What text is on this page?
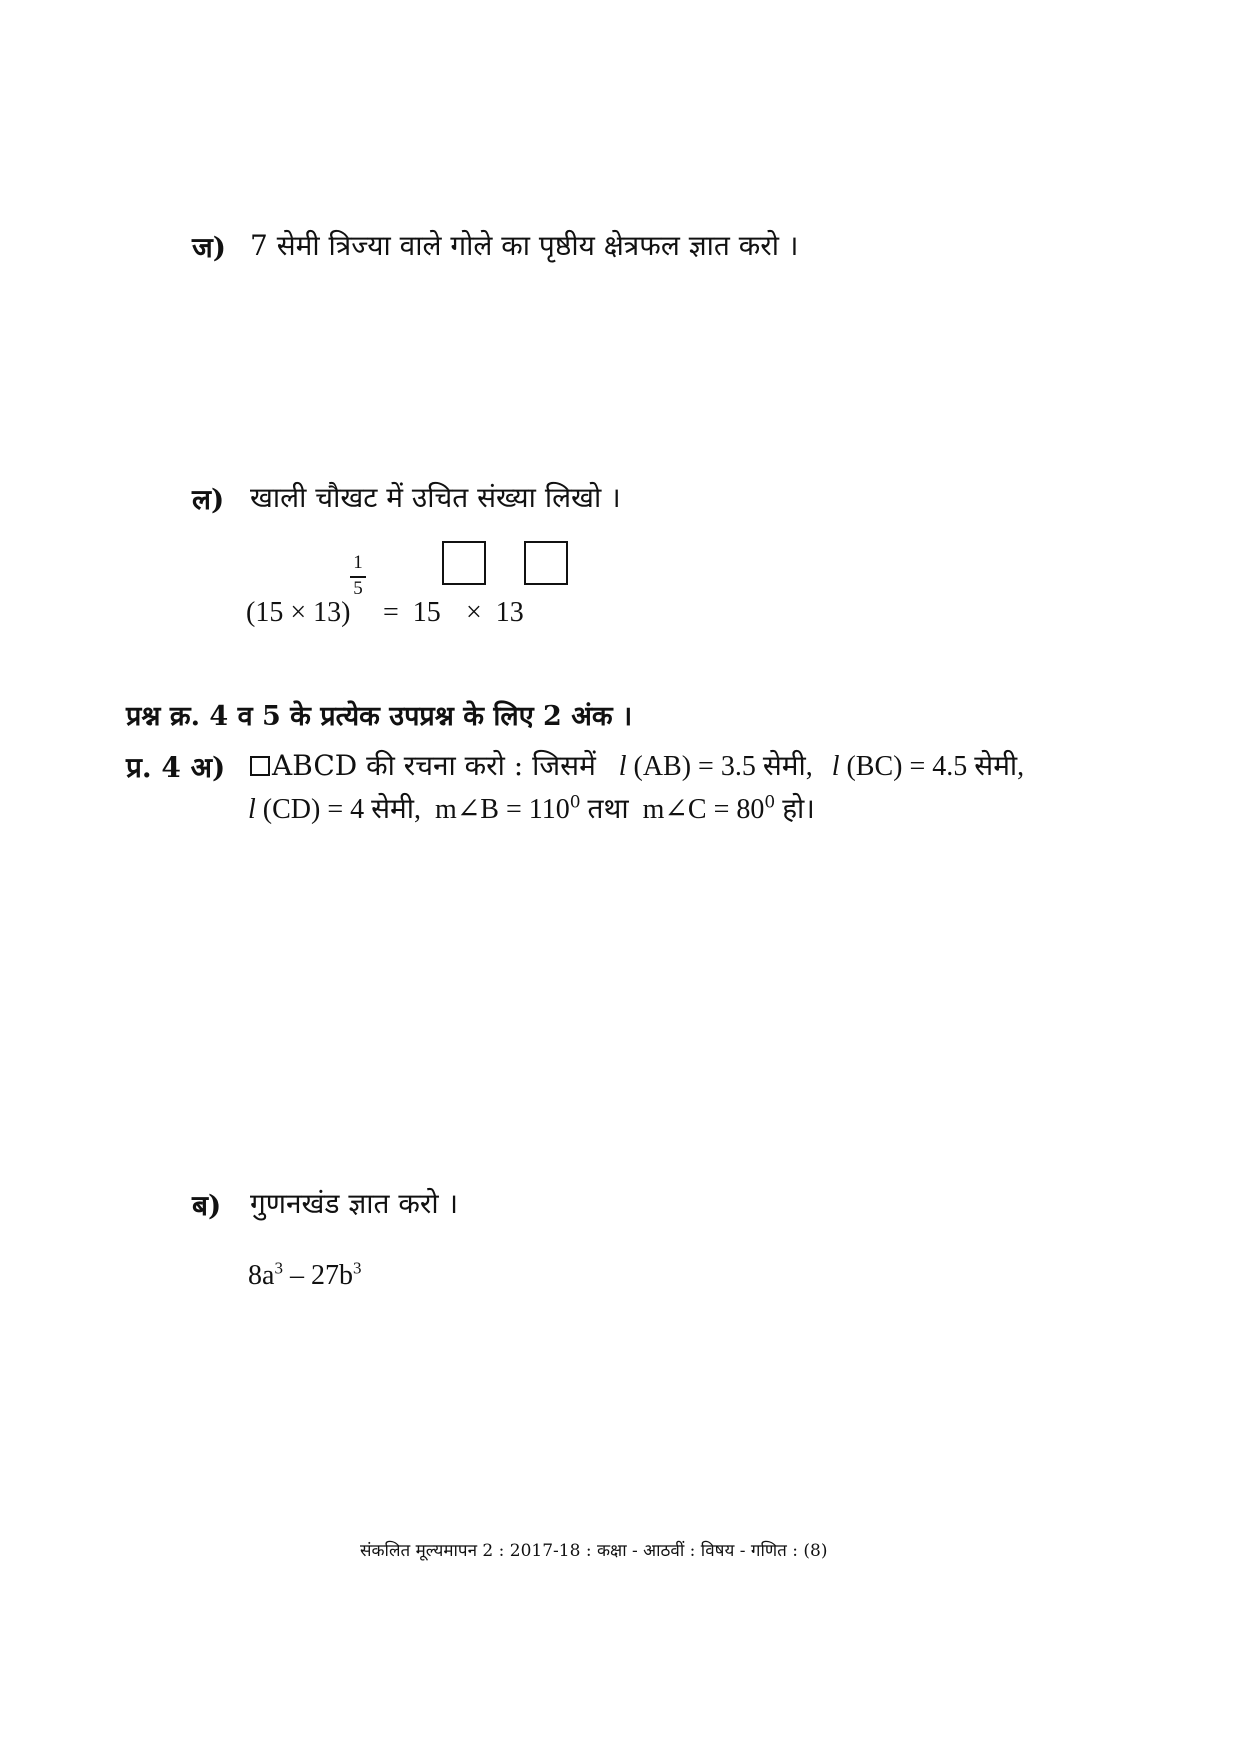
ज) 7 सेमी त्रिज्या वाले गोले का पृष्ठीय क्षेत्रफल ज्ञात करो ।
ल) खाली चौखट में उचित संख्या लिखो ।
1
5
(15 × 13) =  15 ×  13
प्रश्न क्र. 4 व 5 के प्रत्येक उपप्रश्न के लिए 2 अंक ।
प्र. 4 अ)	ABCD की रचना करो : जिसमें l (AB) = 3.5 सेमी, l (BC) = 4.5 सेमी,
l (CD) = 4 सेमी,  m∠B = $110^0$ तथा  m∠C = $80^0$ हो।
ब) गुणनखंड ज्ञात करो ।

$8a^3 - 27b^3$

संकलित मूल्यमापन 2 : 2017-18 : कक्षा - आठवीं : विषय - गणित : (8)
